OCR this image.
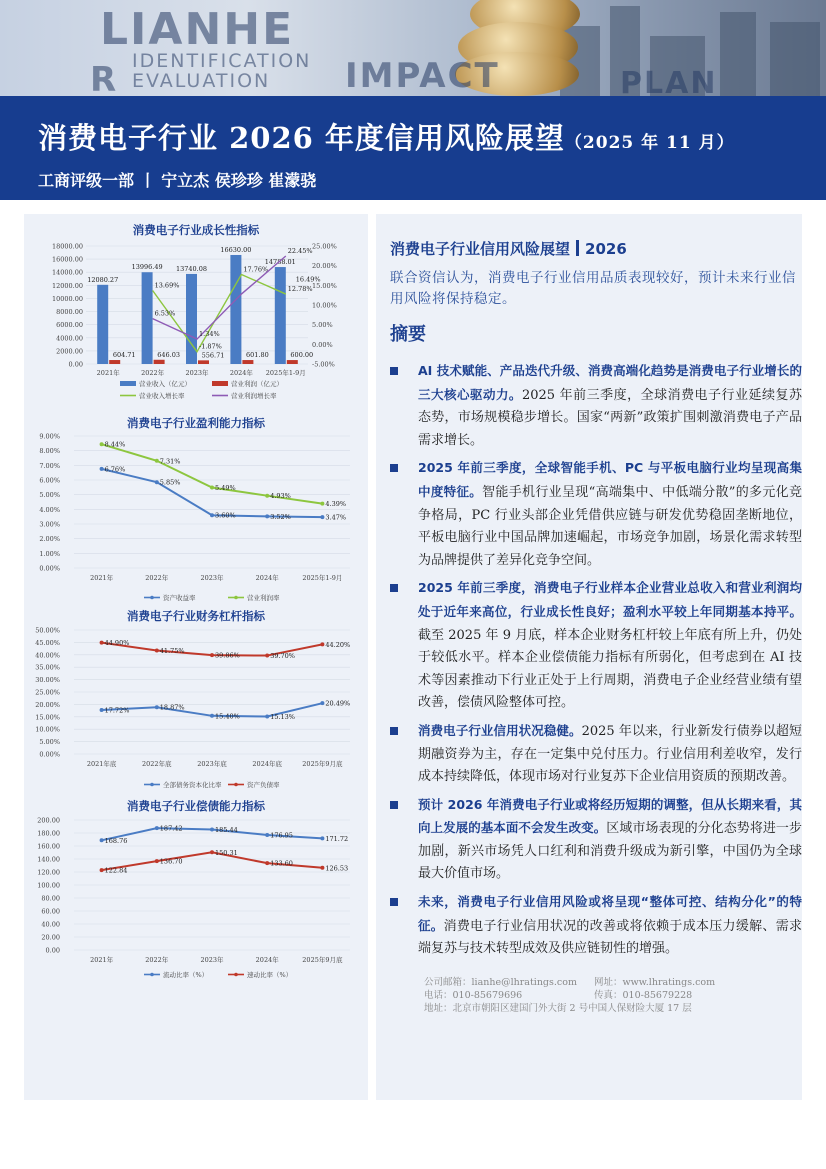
LIANHE
IDENTIFICATION
EVALUATION IMPACT	PLAN
R
消费电子行业 2026 年度信用风险展望（2025 年 11 月）
工商评级一部 丨 宁立杰 侯珍珍 崔濛骁
消费电子行业成长性指标
18000.00
16000.00
14000.00
12000.00
10000.00
8000.00
6000.00
4000.00
2000.00
0.00
25.00%
20.00%
15.00%
10.00%
5.00%
0.00%
-5.00%
2021年	2022年	2023年	2024年 2025年1-9月
12080.27
13996.49 13740.08
16630.00
14788.01
604.71	646.03	556.71	601.80	600.00
13.69%
-1.87%
17.76%
12.78%
6.53%
1.34%
22.45%
16.49%
营业收入（亿元）	营业利润（亿元）
营业收入增长率	营业利润增长率
消费电子行业盈利能力指标
9.00%
8.00%
7.00%
6.00%
5.00%
4.00%
3.00%
2.00%
1.00%
0.00%
2021年	2022年	2023年	2024年	2025年1-9月
6.76%
5.85%
3.60%	3.52%	3.47%
8.44%
7.31%
5.49%
4.93%
4.39%
资产收益率	营业利润率
消费电子行业财务杠杆指标
50.00%
45.00%
40.00%
35.00%
30.00%
25.00%
20.00%
15.00%
10.00%
5.00%
0.00%
2021年底	2022年底	2023年底	2024年底	2025年9月底
17.72%	18.87%
15.40%	15.13%
20.49%
44.90%
41.75%
39.86%	39.70%
44.20%
全部债务资本化比率	资产负债率
消费电子行业偿债能力指标
200.00
180.00
160.00
140.00
120.00
100.00
80.00
60.00
40.00
20.00
0.00
2021年	2022年	2023年	2024年	2025年9月底
168.76
187.42	185.44
176.95	171.72
122.84
136.70
150.31
133.60
126.53
流动比率（%）	速动比率（%）
消费电子行业信用风险展望 2026
联合资信认为，消费电子行业信用品质表现较好，预计未来行业信用风险将保持稳定。
摘要
AI 技术赋能、产品迭代升级、消费高端化趋势是消费电子行业增长的三大核心驱动力。2025 年前三季度，全球消费电子行业延续复苏态势，市场规模稳步增长。国家“两新”政策扩围刺激消费电子产品需求增长。
2025 年前三季度，全球智能手机、PC 与平板电脑行业均呈现高集中度特征。智能手机行业呈现“高端集中、中低端分散”的多元化竞争格局，PC 行业头部企业凭借供应链与研发优势稳固垄断地位，平板电脑行业中国品牌加速崛起，市场竞争加剧，场景化需求转型为品牌提供了差异化竞争空间。
2025 年前三季度，消费电子行业样本企业营业总收入和营业利润均处于近年来高位，行业成长性良好；盈利水平较上年同期基本持平。截至 2025 年 9 月底，样本企业财务杠杆较上年底有所上升，仍处于较低水平。样本企业偿债能力指标有所弱化，但考虑到在 AI 技术等因素推动下行业正处于上行周期，消费电子企业经营业绩有望改善，偿债风险整体可控。
消费电子行业信用状况稳健。2025 年以来，行业新发行债券以超短期融资券为主，存在一定集中兑付压力。行业信用利差收窄，发行成本持续降低，体现市场对行业复苏下企业信用资质的预期改善。
预计 2026 年消费电子行业或将经历短期的调整，但从长期来看，其向上发展的基本面不会发生改变。区域市场表现的分化态势将进一步加剧，新兴市场凭人口红利和消费升级成为新引擎，中国仍为全球最大价值市场。
未来，消费电子行业信用风险或将呈现“整体可控、结构分化”的特征。消费电子行业信用状况的改善或将依赖于成本压力缓解、需求端复苏与技术转型成效及供应链韧性的增强。
公司邮箱：lianhe@lhratings.com 网址：www.lhratings.com
电话：010-85679696	传真：010-85679228
地址：北京市朝阳区建国门外大街 2 号中国人保财险大厦 17 层
